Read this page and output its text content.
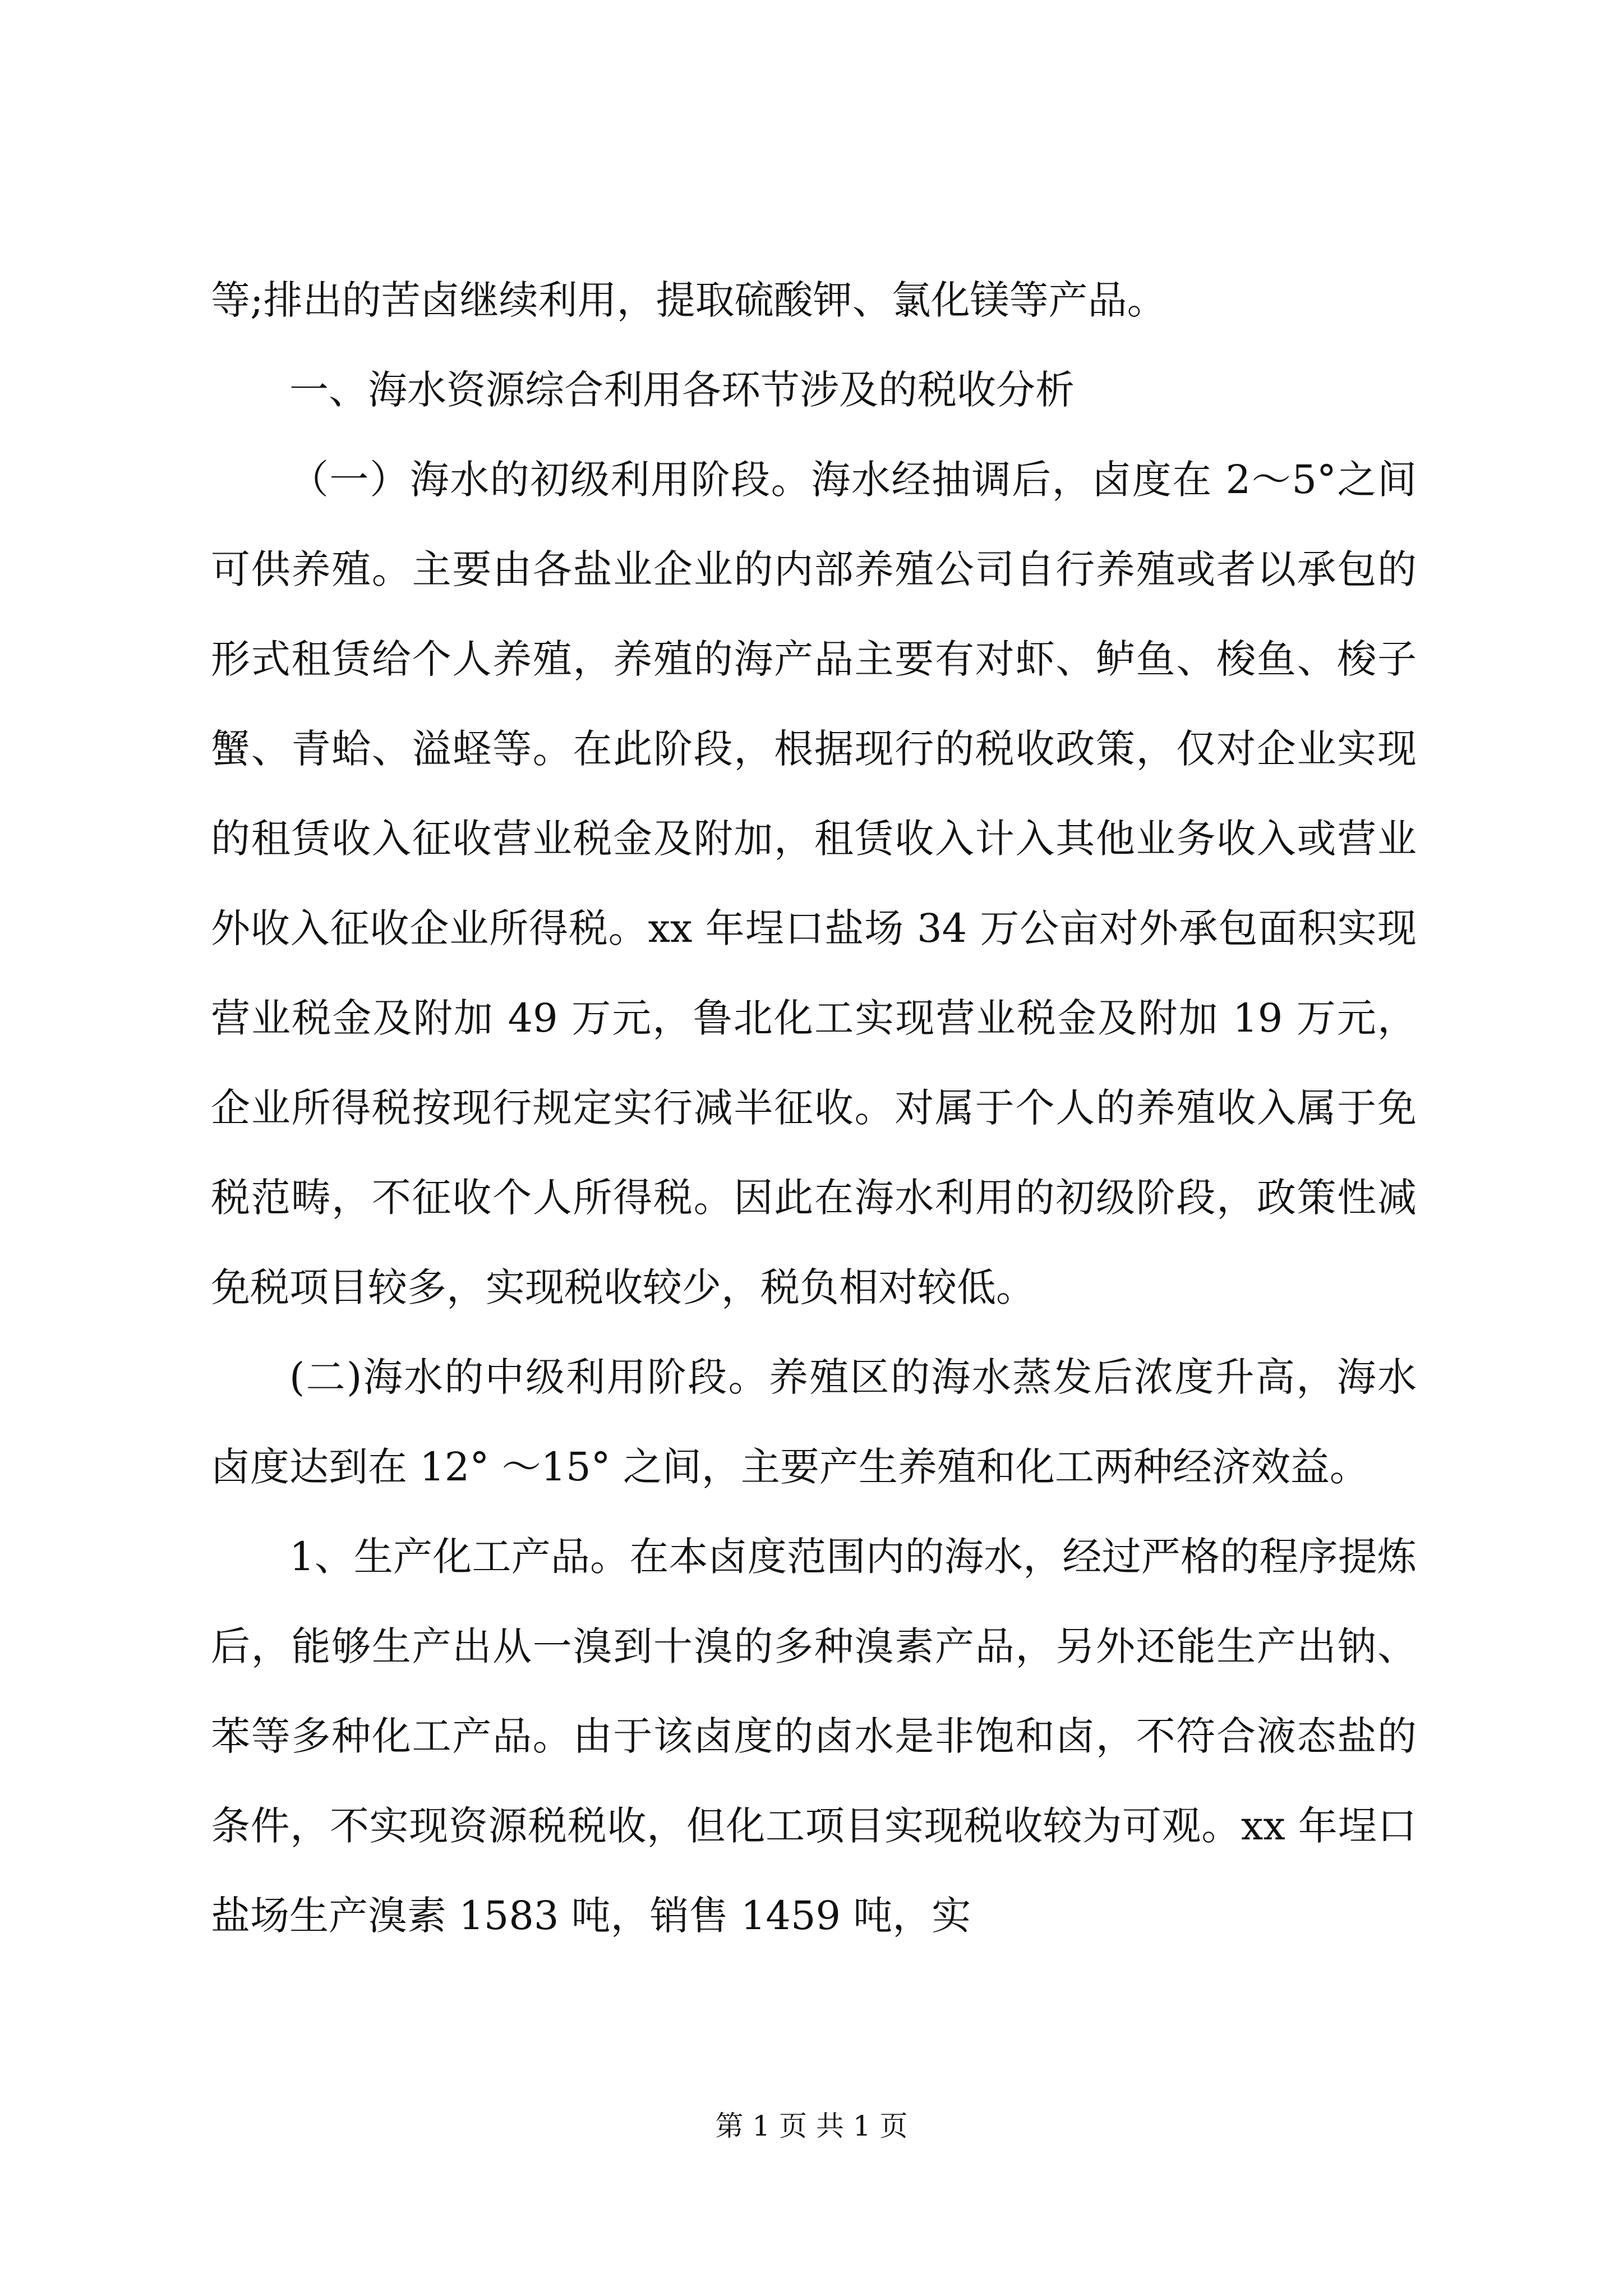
等;排出的苦卤继续利用，提取硫酸钾、氯化镁等产品。

一、海水资源综合利用各环节涉及的税收分析

（一）海水的初级利用阶段。海水经抽调后，卤度在 2～5°之间可供养殖。主要由各盐业企业的内部养殖公司自行养殖或者以承包的形式租赁给个人养殖，养殖的海产品主要有对虾、鲈鱼、梭鱼、梭子蟹、青蛤、溢蛏等。在此阶段，根据现行的税收政策，仅对企业实现的租赁收入征收营业税金及附加，租赁收入计入其他业务收入或营业外收入征收企业所得税。xx 年埕口盐场 34 万公亩对外承包面积实现营业税金及附加 49 万元，鲁北化工实现营业税金及附加 19 万元，企业所得税按现行规定实行减半征收。对属于个人的养殖收入属于免税范畴，不征收个人所得税。因此在海水利用的初级阶段，政策性减免税项目较多，实现税收较少，税负相对较低。

(二)海水的中级利用阶段。养殖区的海水蒸发后浓度升高，海水卤度达到在 12° ～15° 之间，主要产生养殖和化工两种经济效益。

1、生产化工产品。在本卤度范围内的海水，经过严格的程序提炼后，能够生产出从一溴到十溴的多种溴素产品，另外还能生产出钠、苯等多种化工产品。由于该卤度的卤水是非饱和卤，不符合液态盐的条件，不实现资源税税收，但化工项目实现税收较为可观。xx 年埕口盐场生产溴素 1583 吨，销售 1459 吨，实

第 1 页 共 1 页
